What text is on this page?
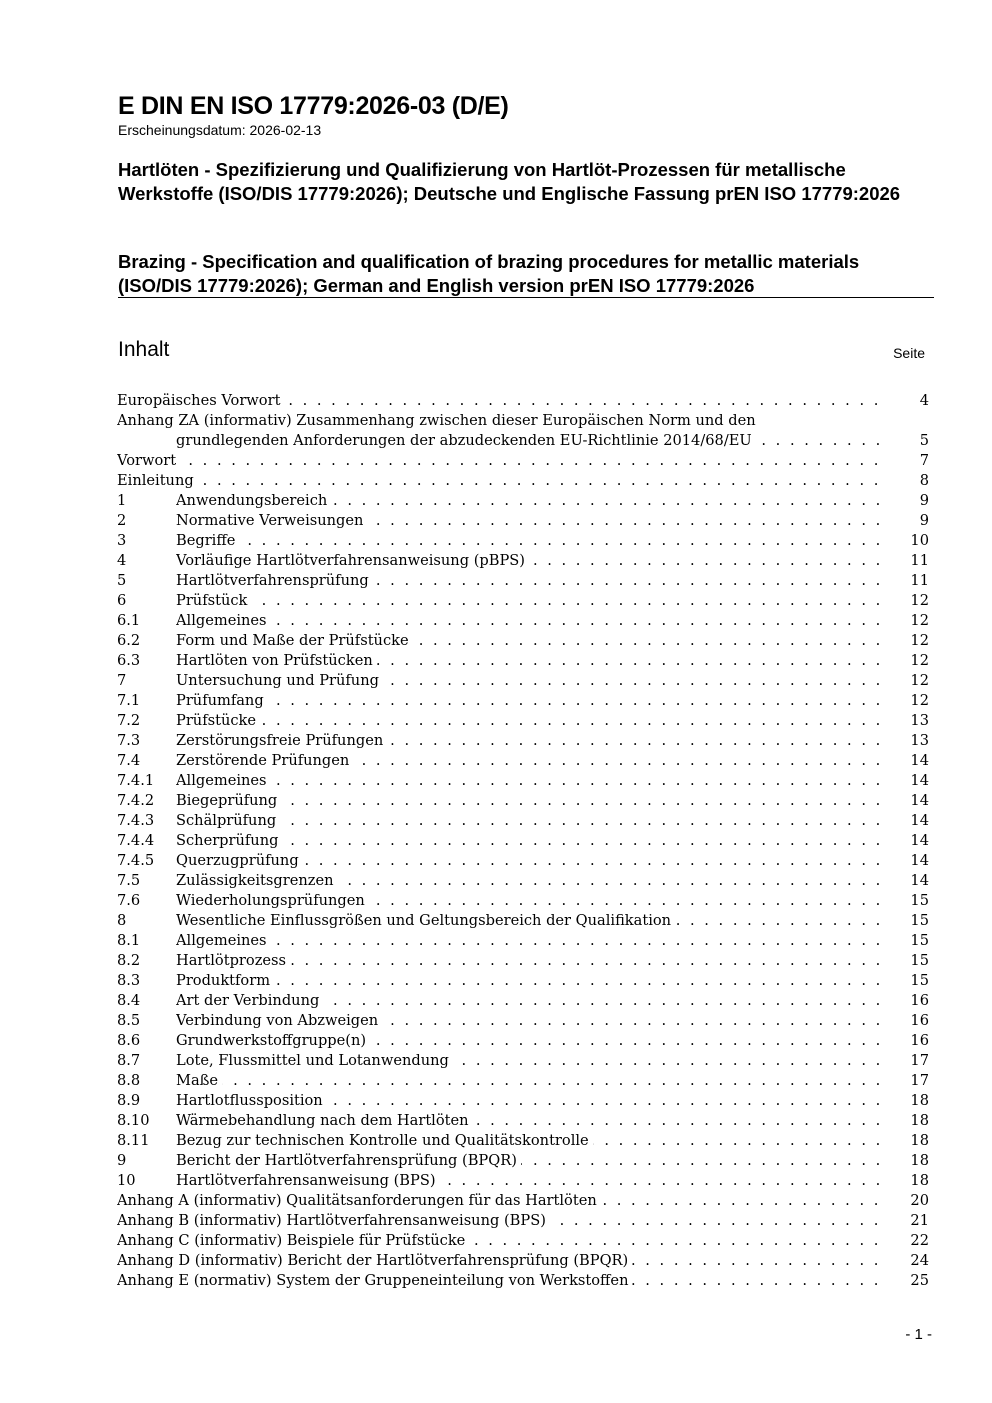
E DIN EN ISO 17779:2026-03 (D/E)
Erscheinungsdatum: 2026-02-13
Hartlöten - Spezifizierung und Qualifizierung von Hartlöt-Prozessen für metallische Werkstoffe (ISO/DIS 17779:2026); Deutsche und Englische Fassung prEN ISO 17779:2026
Brazing - Specification and qualification of brazing procedures for metallic materials (ISO/DIS 17779:2026); German and English version prEN ISO 17779:2026
Inhalt	Seite
Europäisches Vorwort . . .	4
Anhang ZA (informativ) Zusammenhang zwischen dieser Europäischen Norm und den
grundlegenden Anforderungen der abzudeckenden EU-Richtlinie 2014/68/EU . . .	5
Vorwort . . .	7
Einleitung . . .	8
1	Anwendungsbereich . . .	9
2	Normative Verweisungen . . .	9
3	Begriffe . . .	10
4	Vorläufige Hartlötverfahrensanweisung (pBPS) . . .	11
5	Hartlötverfahrensprüfung . . .	11
6	Prüfstück . . .	12
6.1 Allgemeines . . .	12
6.2 Form und Maße der Prüfstücke . . .	12
6.3 Hartlöten von Prüfstücken . . .	12
7	Untersuchung und Prüfung . . .	12
7.1 Prüfumfang . . .	12
7.2 Prüfstücke . . .	13
7.3 Zerstörungsfreie Prüfungen . . .	13
7.4 Zerstörende Prüfungen . . .	14
7.4.1 Allgemeines . . .	14
7.4.2 Biegeprüfung . . .	14
7.4.3 Schälprüfung . . .	14
7.4.4 Scherprüfung . . .	14
7.4.5 Querzugprüfung . . .	14
7.5 Zulässigkeitsgrenzen . . .	14
7.6 Wiederholungsprüfungen . . .	15
8	Wesentliche Einflussgrößen und Geltungsbereich der Qualifikation . . .	15
8.1 Allgemeines . . .	15
8.2 Hartlötprozess . . .	15
8.3 Produktform . . .	15
8.4 Art der Verbindung . . .	16
8.5 Verbindung von Abzweigen . . .	16
8.6 Grundwerkstoffgruppe(n) . . .	16
8.7 Lote, Flussmittel und Lotanwendung . . .	17
8.8 Maße . . .	17
8.9 Hartlotflussposition . . .	18
8.10 Wärmebehandlung nach dem Hartlöten . . .	18
8.11 Bezug zur technischen Kontrolle und Qualitätskontrolle . . .	18
9	Bericht der Hartlötverfahrensprüfung (BPQR) . . .	18
10	Hartlötverfahrensanweisung (BPS) . . .	18
Anhang A (informativ) Qualitätsanforderungen für das Hartlöten . . .	20
Anhang B (informativ) Hartlötverfahrensanweisung (BPS) . . .	21
Anhang C (informativ) Beispiele für Prüfstücke . . .	22
Anhang D (informativ) Bericht der Hartlötverfahrensprüfung (BPQR) . . .	24
Anhang E (normativ) System der Gruppeneinteilung von Werkstoffen . . .	25
- 1 -
